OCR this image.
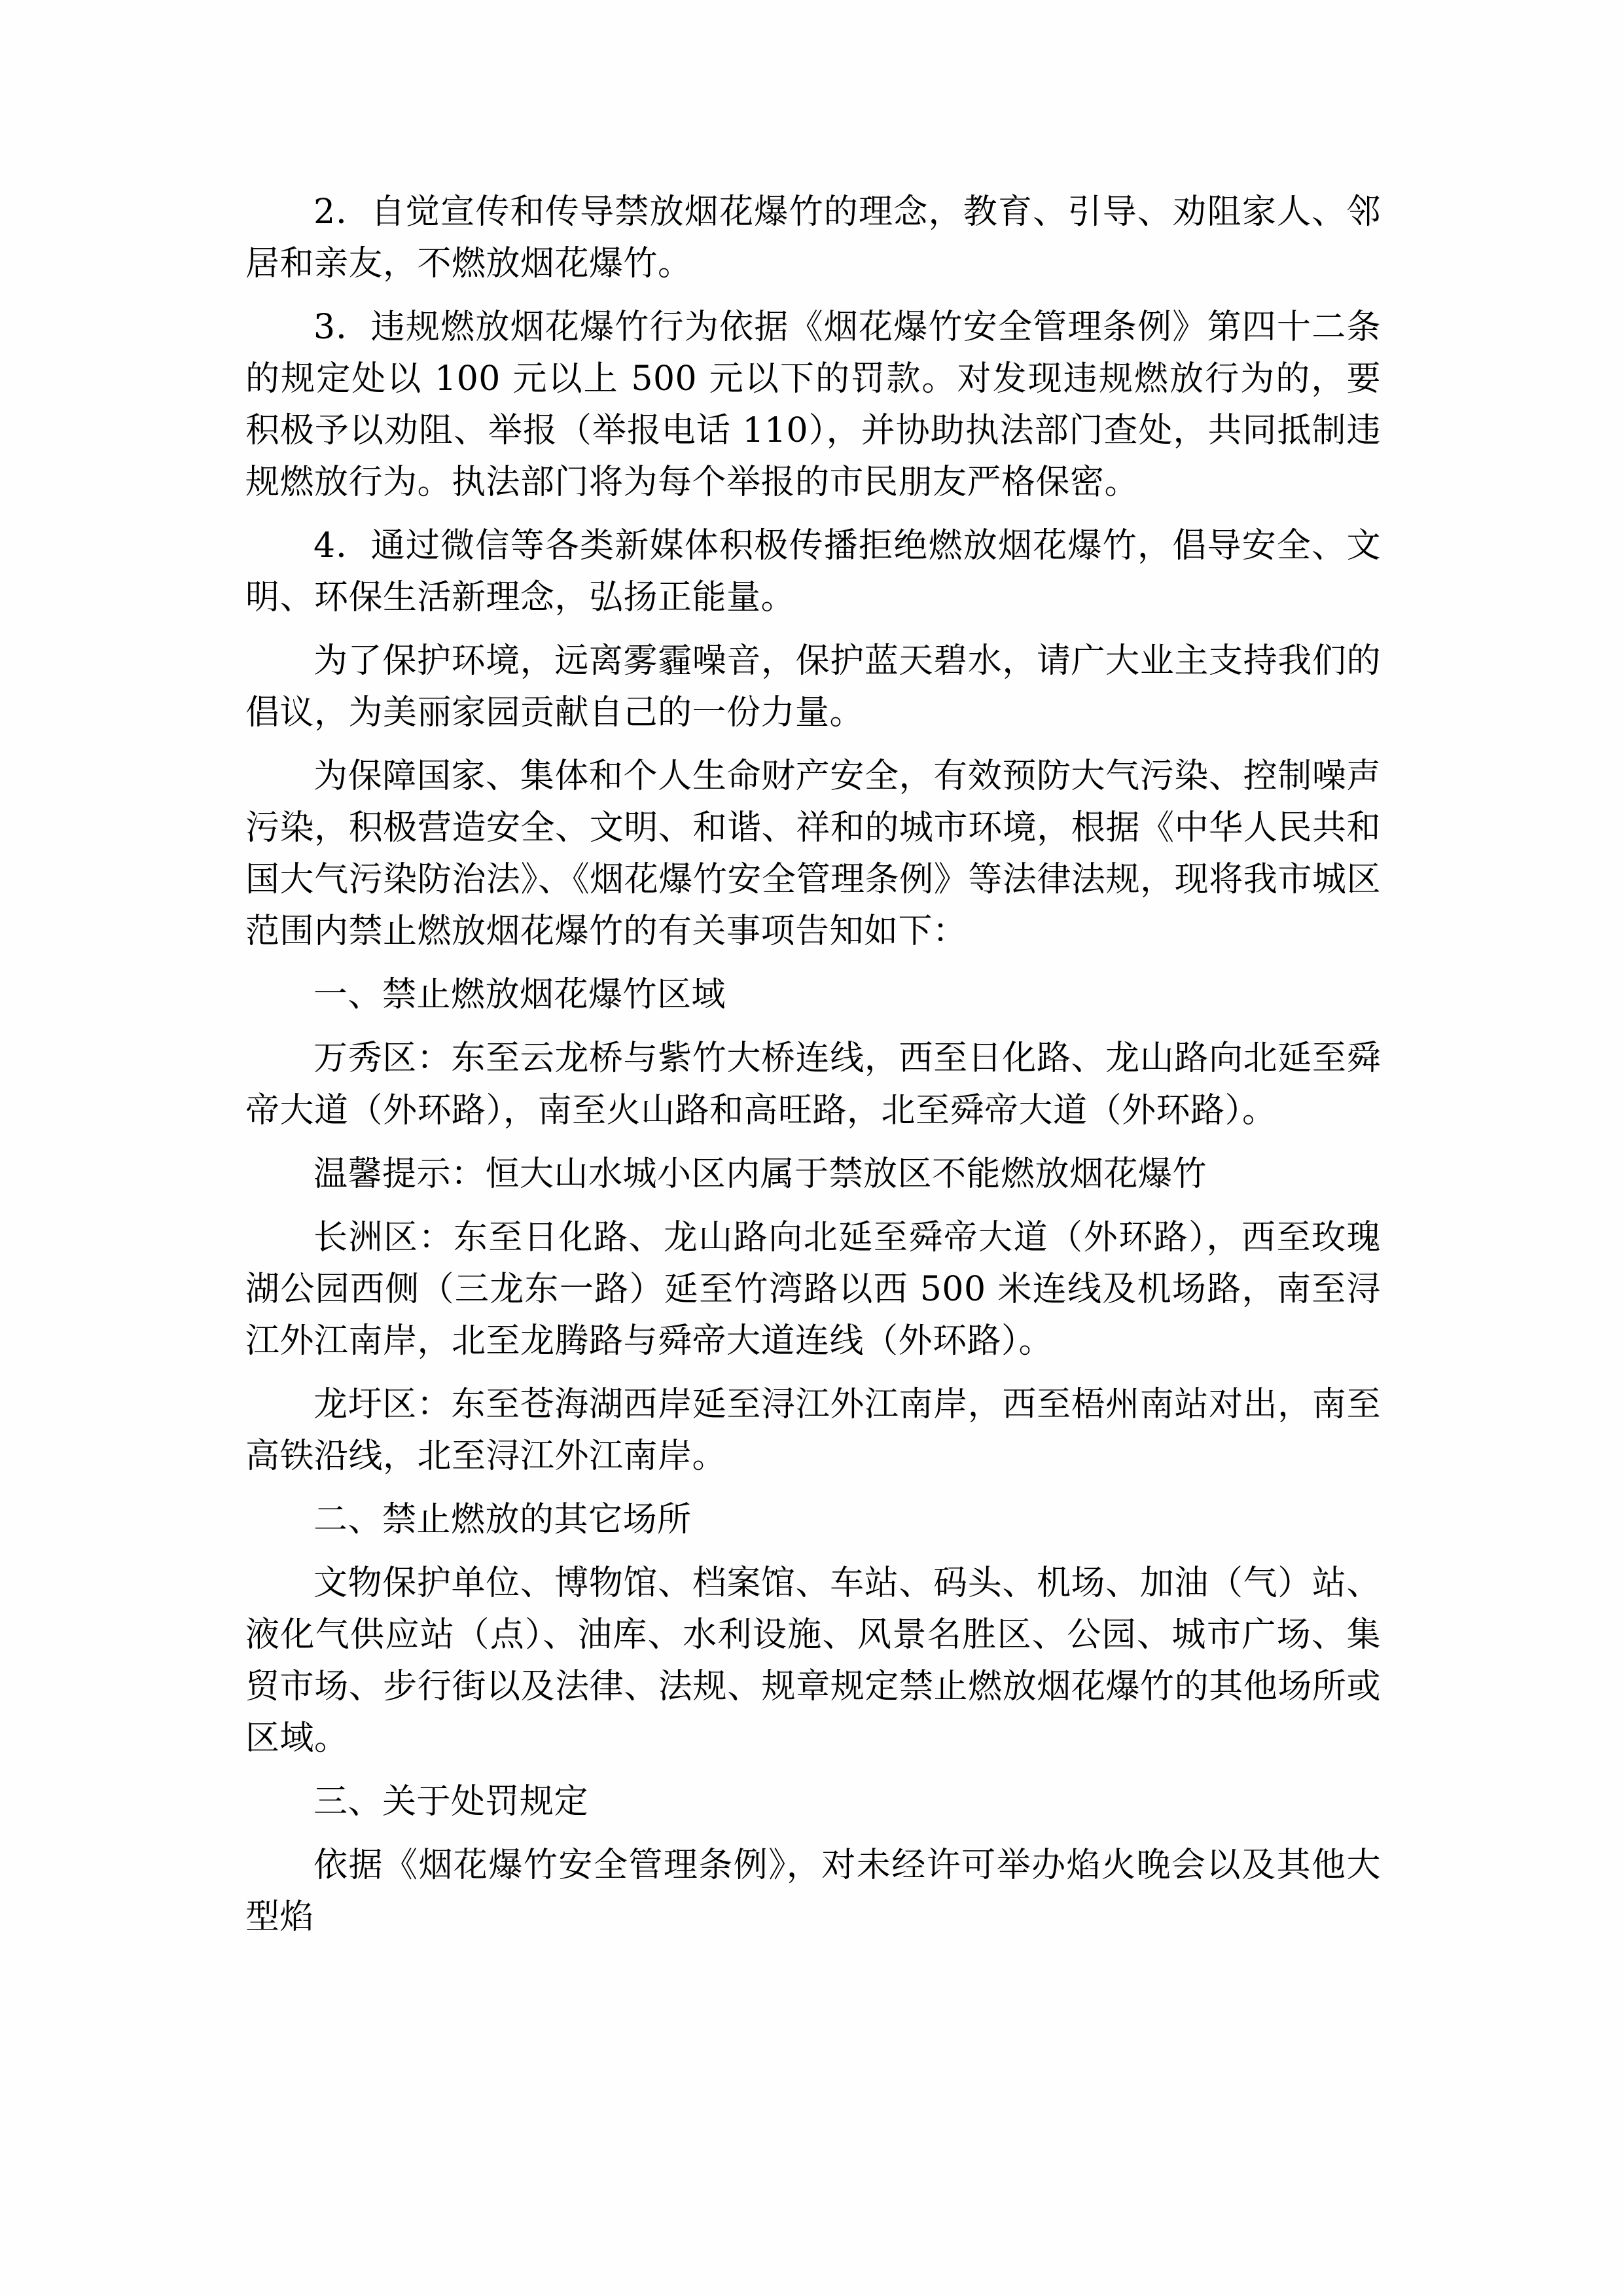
2．自觉宣传和传导禁放烟花爆竹的理念，教育、引导、劝阻家人、邻居和亲友，不燃放烟花爆竹。

3．违规燃放烟花爆竹行为依据《烟花爆竹安全管理条例》第四十二条的规定处以 100 元以上 500 元以下的罚款。对发现违规燃放行为的，要积极予以劝阻、举报（举报电话 110），并协助执法部门查处，共同抵制违规燃放行为。执法部门将为每个举报的市民朋友严格保密。

4．通过微信等各类新媒体积极传播拒绝燃放烟花爆竹，倡导安全、文明、环保生活新理念，弘扬正能量。

为了保护环境，远离雾霾噪音，保护蓝天碧水，请广大业主支持我们的倡议，为美丽家园贡献自己的一份力量。

为保障国家、集体和个人生命财产安全，有效预防大气污染、控制噪声污染，积极营造安全、文明、和谐、祥和的城市环境，根据《中华人民共和国大气污染防治法》、《烟花爆竹安全管理条例》等法律法规，现将我市城区范围内禁止燃放烟花爆竹的有关事项告知如下：

一、禁止燃放烟花爆竹区域

万秀区：东至云龙桥与紫竹大桥连线，西至日化路、龙山路向北延至舜帝大道（外环路），南至火山路和高旺路，北至舜帝大道（外环路）。

温馨提示：恒大山水城小区内属于禁放区不能燃放烟花爆竹

长洲区：东至日化路、龙山路向北延至舜帝大道（外环路），西至玫瑰湖公园西侧（三龙东一路）延至竹湾路以西 500 米连线及机场路，南至浔江外江南岸，北至龙腾路与舜帝大道连线（外环路）。

龙圩区：东至苍海湖西岸延至浔江外江南岸，西至梧州南站对出，南至高铁沿线，北至浔江外江南岸。

二、禁止燃放的其它场所

文物保护单位、博物馆、档案馆、车站、码头、机场、加油（气）站、液化气供应站（点）、油库、水利设施、风景名胜区、公园、城市广场、集贸市场、步行街以及法律、法规、规章规定禁止燃放烟花爆竹的其他场所或区域。

三、关于处罚规定

依据《烟花爆竹安全管理条例》，对未经许可举办焰火晚会以及其他大型焰
